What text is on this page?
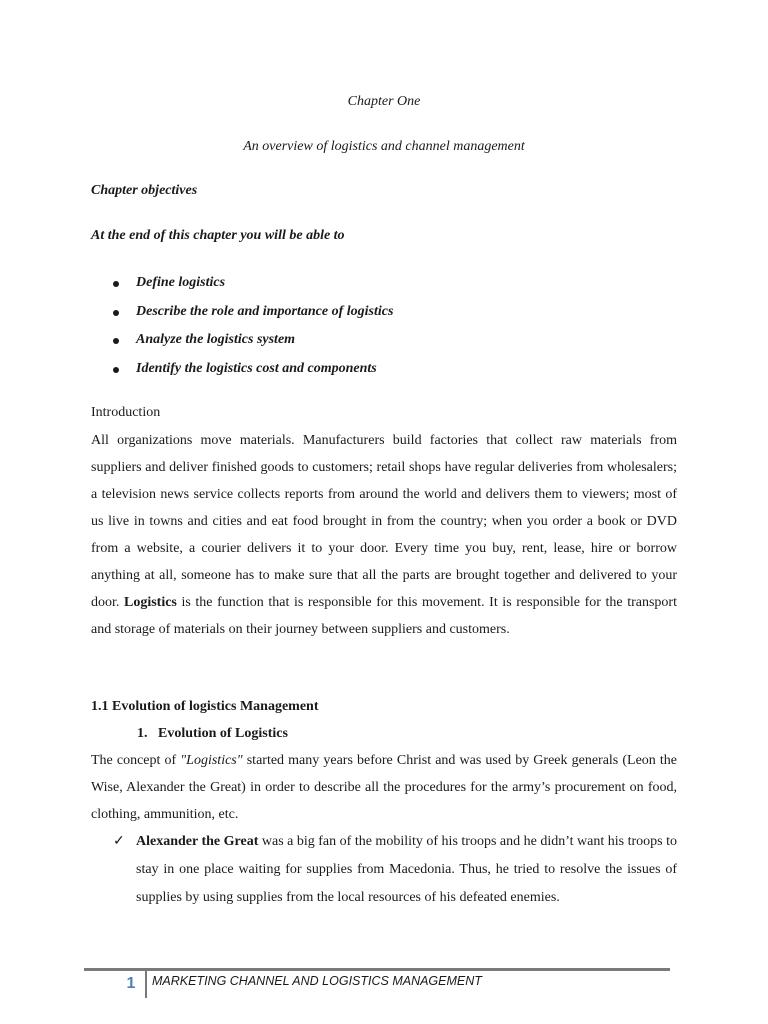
Chapter One
An overview of logistics and channel management
Chapter objectives
At the end of this chapter you will be able to
Define logistics
Describe the role and importance of logistics
Analyze the logistics system
Identify the logistics cost and components
Introduction

All organizations move materials. Manufacturers build factories that collect raw materials from suppliers and deliver finished goods to customers; retail shops have regular deliveries from wholesalers; a television news service collects reports from around the world and delivers them to viewers; most of us live in towns and cities and eat food brought in from the country; when you order a book or DVD from a website, a courier delivers it to your door. Every time you buy, rent, lease, hire or borrow anything at all, someone has to make sure that all the parts are brought together and delivered to your door. Logistics is the function that is responsible for this movement. It is responsible for the transport and storage of materials on their journey between suppliers and customers.

1.1 Evolution of logistics Management
1. Evolution of Logistics

The concept of "Logistics" started many years before Christ and was used by Greek generals (Leon the Wise, Alexander the Great) in order to describe all the procedures for the army’s procurement on food, clothing, ammunition, etc.

✓ Alexander the Great was a big fan of the mobility of his troops and he didn’t want his troops to stay in one place waiting for supplies from Macedonia. Thus, he tried to resolve the issues of supplies by using supplies from the local resources of his defeated enemies.
1	MARKETING CHANNEL AND LOGISTICS MANAGEMENT
